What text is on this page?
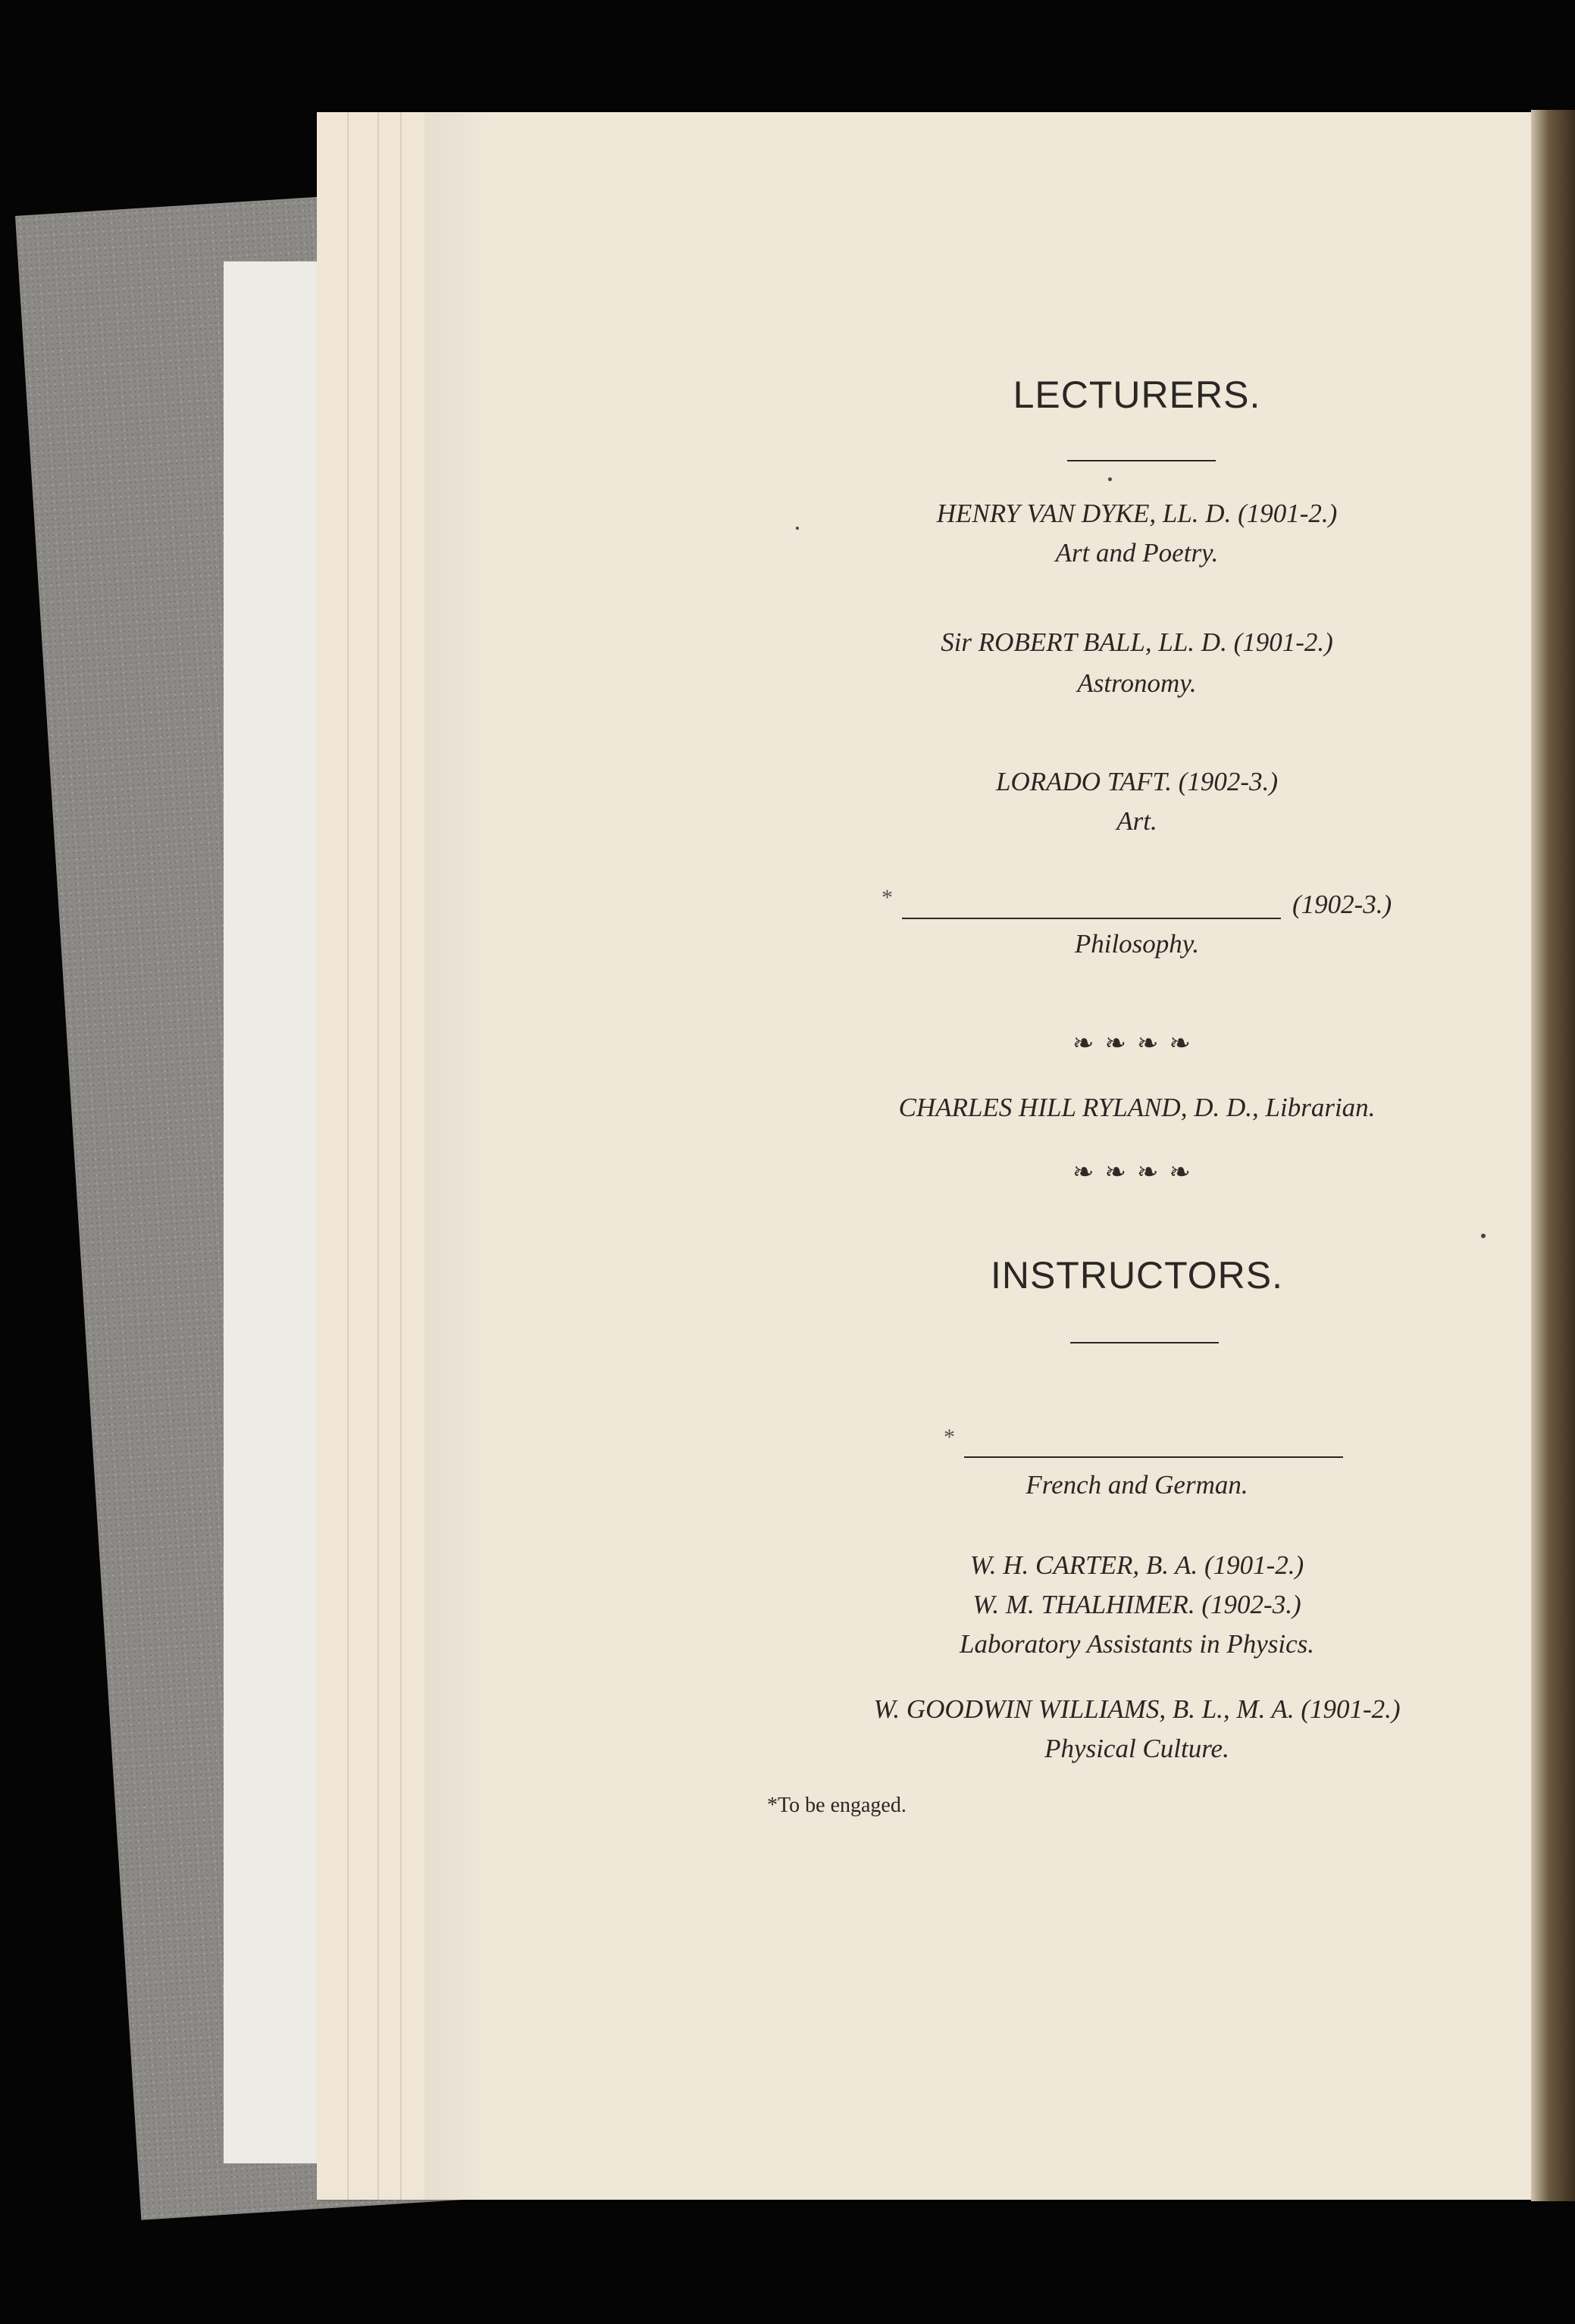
LECTURERS.
HENRY VAN DYKE, LL. D. (1901-2.)
Art and Poetry.
Sir ROBERT BALL, LL. D. (1901-2.)
Astronomy.
LORADO TAFT. (1902-3.)
Art.
*	(1902-3.)
Philosophy.
❧❧❧❧
CHARLES HILL RYLAND, D. D., Librarian.
❧❧❧❧
INSTRUCTORS.
*
French and German.
W. H. CARTER, B. A. (1901-2.)
W. M. THALHIMER. (1902-3.)
Laboratory Assistants in Physics.
W. GOODWIN WILLIAMS, B. L., M. A. (1901-2.)
Physical Culture.
*To be engaged.
